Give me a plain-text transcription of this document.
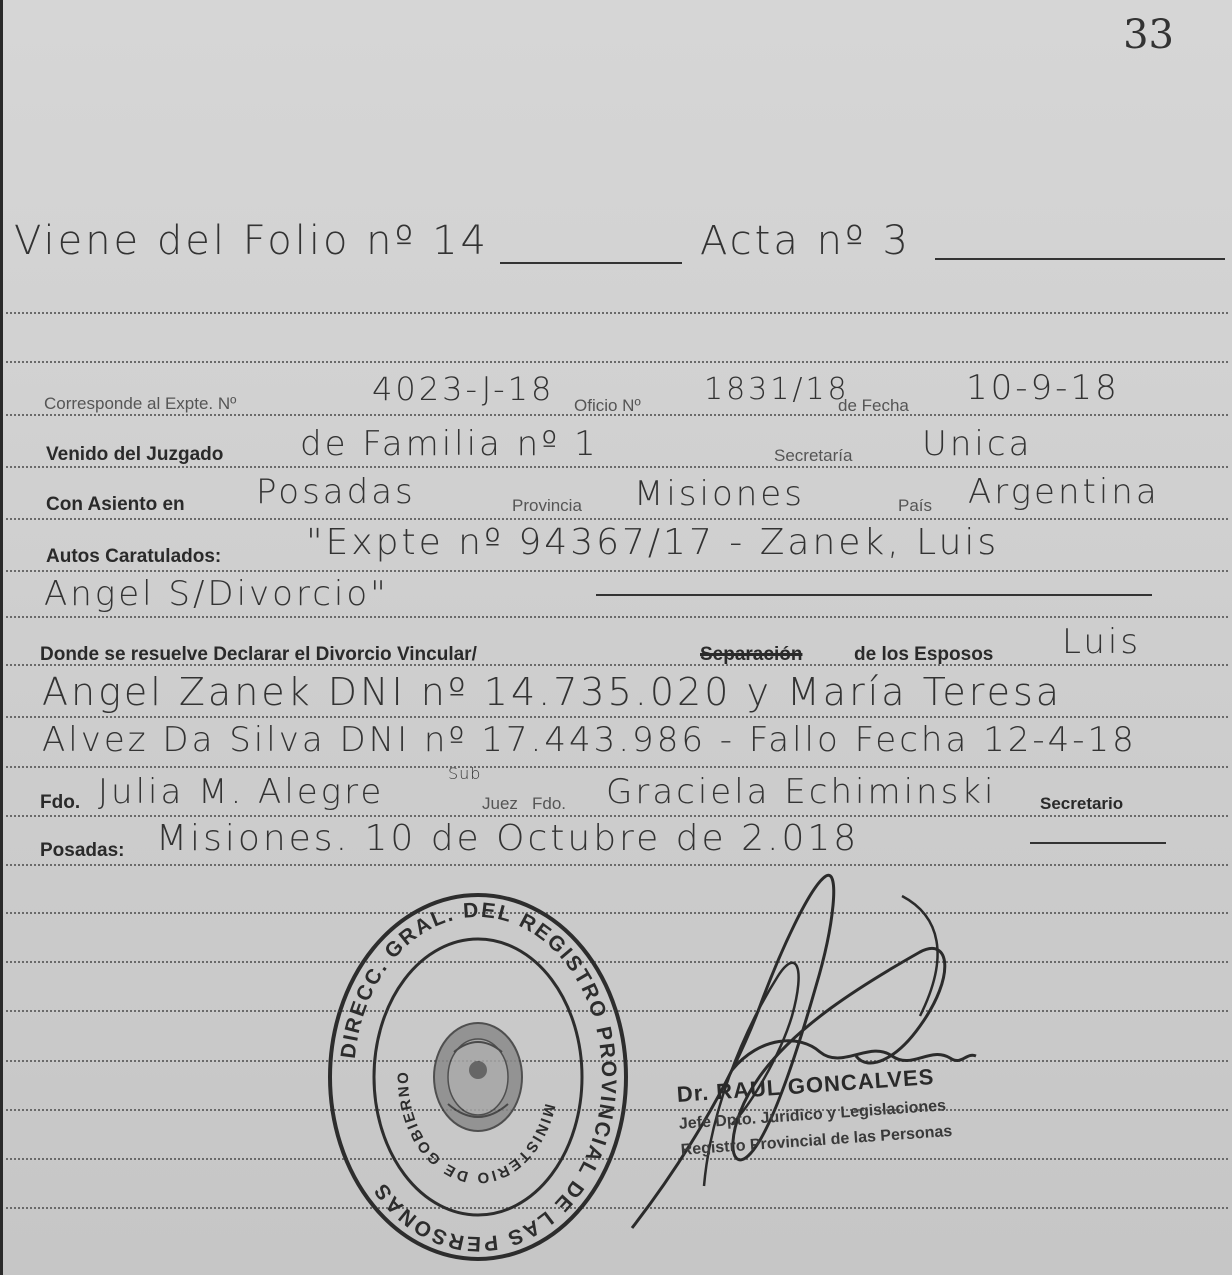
33
Viene del Folio nº 14	Acta nº 3
Corresponde al Expte. Nº	4023-J-18 Oficio Nº 1831/18
de Fecha 10-9-18
Venido del Juzgado de Familia nº 1	Secretaría Unica
Con Asiento en Posadas	Provincia Misiones	País Argentina
Autos Caratulados: "Expte nº 94367/17 - Zanek, Luis
Angel S/Divorcio"
Donde se resuelve Declarar el Divorcio Vincular/	Separación	de los Esposos Luis
Angel Zanek DNI nº 14.735.020 y María Teresa
Alvez Da Silva DNI nº 17.443.986 - Fallo Fecha 12-4-18
Fdo. Julia M. Alegre	Sub
Juez Fdo. Graciela Echiminski	Secretario
Posadas: Misiones. 10 de Octubre de 2.018
DIRECC. GRAL. DEL REGISTRO PROVINCIAL DE LAS PERSONAS
MINISTERIO DE GOBIERNO	Dr. RAUL GONCALVES
Jefe Dpto. Jurídico y Legislaciones
Registro Provincial de las Personas
